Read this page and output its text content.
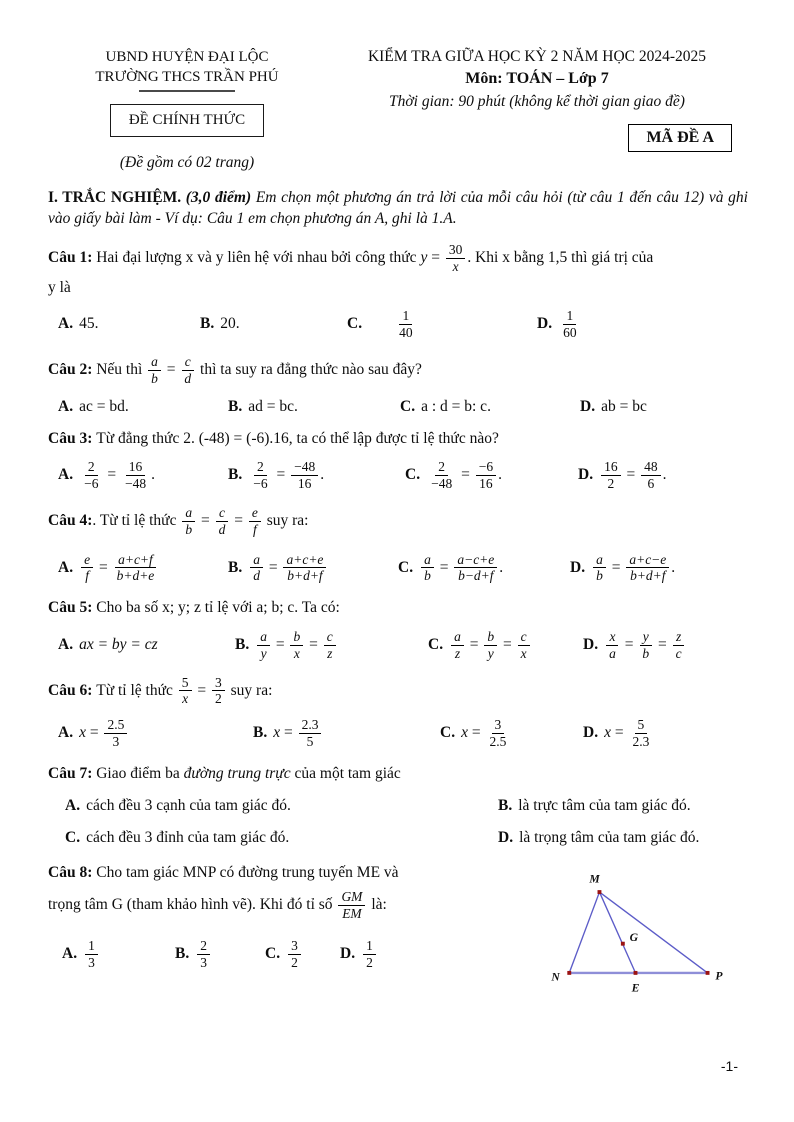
UBND HUYỆN ĐẠI LỘC
TRƯỜNG THCS TRẦN PHÚ
ĐỀ CHÍNH THỨC
(Đề gồm có 02 trang)
KIỂM TRA GIỮA HỌC KỲ 2 NĂM HỌC 2024-2025
Môn: TOÁN – Lớp 7
Thời gian: 90 phút (không kể thời gian giao đề)
MÃ ĐỀ A

I. TRẮC NGHIỆM. (3,0 điểm) Em chọn một phương án trả lời của mỗi câu hỏi (từ câu 1 đến câu 12) và ghi vào giấy bài làm - Ví dụ: Câu 1 em chọn phương án A, ghi là 1.A.

Câu 1: Hai đại lượng x và y liên hệ với nhau bởi công thức $y = \frac{30}{x}$ . Khi x bằng 1,5 thì giá trị của
y là

A. 45.	B. 20.	C.	$\frac{1}{40}$	D. $\frac{1}{60}$

Câu 2: Nếu thì $\frac{a}{b} = \frac{c}{d}$ thì ta suy ra đẳng thức nào sau đây?

A. ac = bd.	B. ad = bc.	C. a : d = b: c.	D. ab = bc

Câu 3: Từ đẳng thức 2. (-48) = (-6).16, ta có thể lập được tỉ lệ thức nào?

A. $\frac{2}{-6} = \frac{16}{-48}$ .	B. $\frac{2}{-6} = \frac{-48}{16}$ .	C. $\frac{2}{-48} = \frac{-6}{16}$ .	D. $\frac{16}{2} = \frac{48}{6}$ .

Câu 4:. Từ tỉ lệ thức $\frac{a}{b} = \frac{c}{d} = \frac{e}{f}$ suy ra:

A. $\frac{e}{f} = \frac{a+c+f}{b+d+e}$	B. $\frac{a}{d} = \frac{a+c+e}{b+d+f}$	C. $\frac{a}{b} = \frac{a-c+e}{b-d+f}$ .	D. $\frac{a}{b} = \frac{a+c-e}{b+d+f}$ .

Câu 5: Cho ba số x; y; z tỉ lệ với a; b; c. Ta có:

A. ax = by = cz	B. $\frac{a}{y} = \frac{b}{x} = \frac{c}{z}$	C. $\frac{a}{z} = \frac{b}{y} = \frac{c}{x}$	D. $\frac{x}{a} = \frac{y}{b} = \frac{z}{c}$

Câu 6: Từ tỉ lệ thức $\frac{5}{x} = \frac{3}{2}$ suy ra:

A. $x = \frac{2.5}{3}$	B. $x = \frac{2.3}{5}$	C. $x = \frac{3}{2.5}$	D. $x = \frac{5}{2.3}$

Câu 7: Giao điểm ba đường trung trực của một tam giác

A. cách đều 3 cạnh của tam giác đó.	B. là trực tâm của tam giác đó.
C. cách đều 3 đỉnh của tam giác đó.	D. là trọng tâm của tam giác đó.

Câu 8: Cho tam giác MNP có đường trung tuyến ME và
trọng tâm G (tham khảo hình vẽ). Khi đó tỉ số $\frac{GM}{EM}$ là:

A. $\frac{1}{3}$	B. $\frac{2}{3}$	C. $\frac{3}{2}$	D. $\frac{1}{2}$
M
N
E
P
G
-1-
